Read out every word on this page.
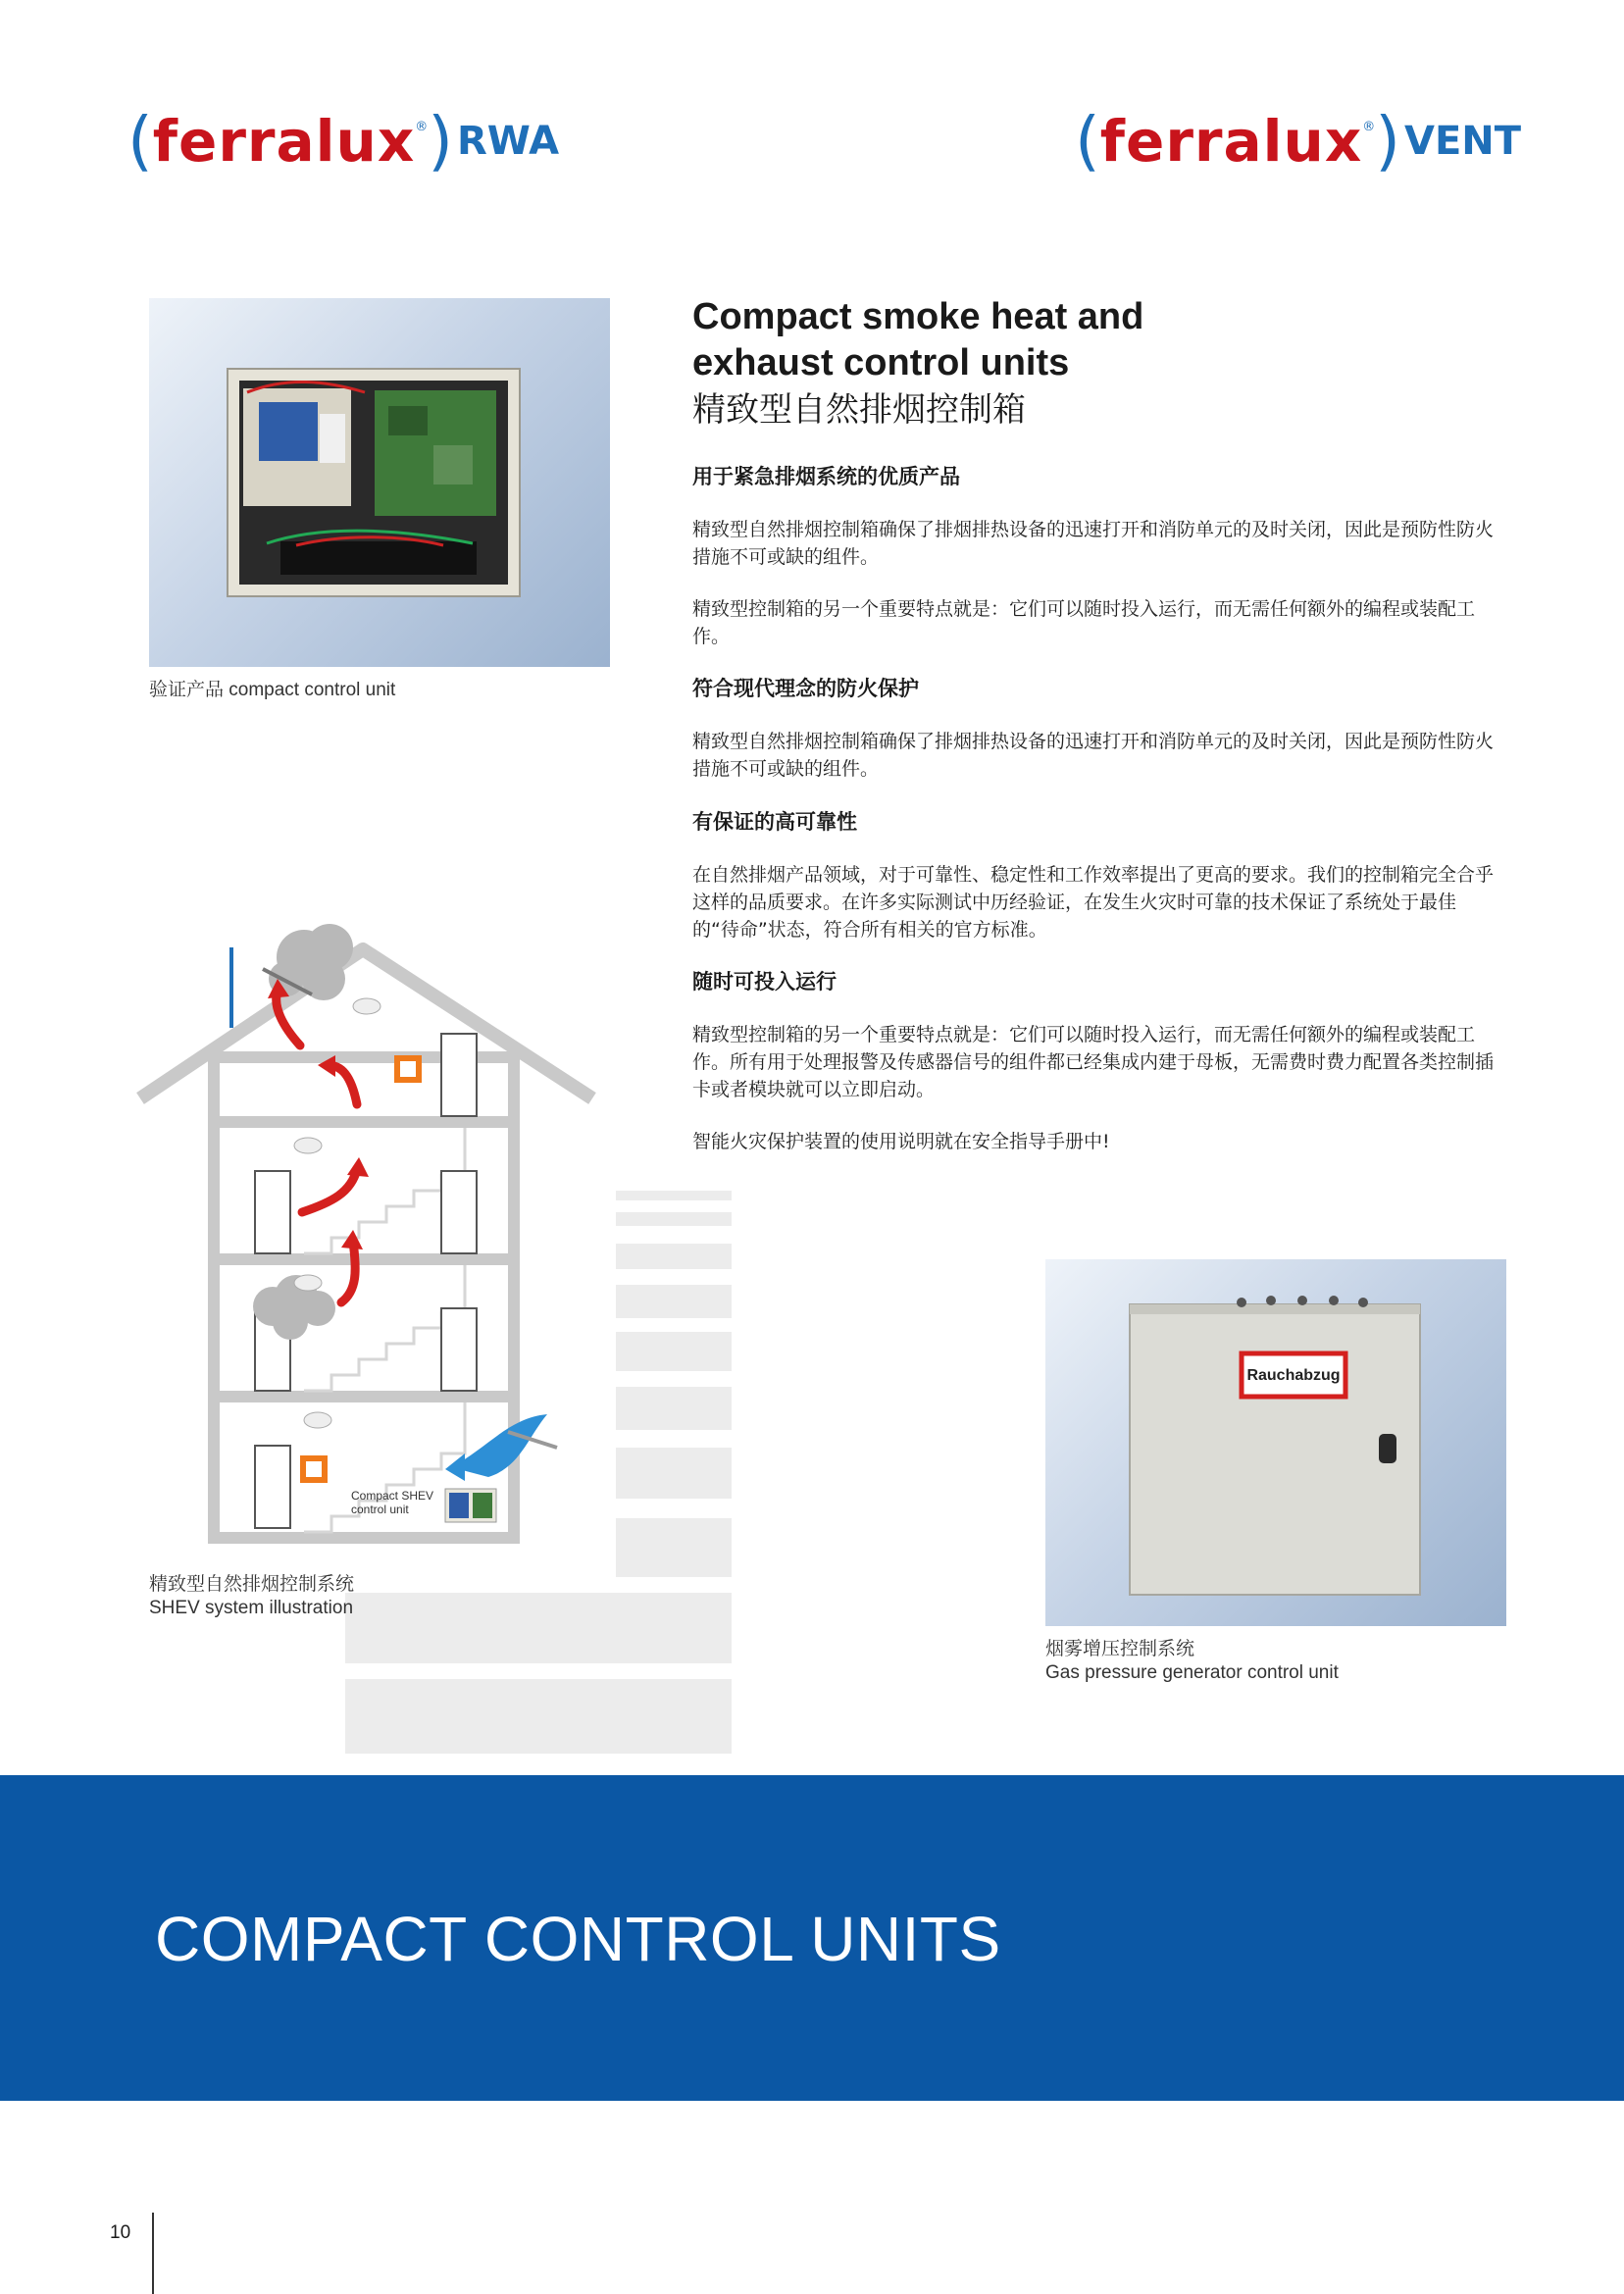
( ferralux ® ) RWA	( ferralux ® ) VENT
验证产品 compact control unit
Compact smoke heat and exhaust control units
精致型自然排烟控制箱
用于紧急排烟系统的优质产品
精致型自然排烟控制箱确保了排烟排热设备的迅速打开和消防单元的及时关闭，因此是预防性防火措施不可或缺的组件。
精致型控制箱的另一个重要特点就是：它们可以随时投入运行，而无需任何额外的编程或装配工作。
符合现代理念的防火保护
精致型自然排烟控制箱确保了排烟排热设备的迅速打开和消防单元的及时关闭，因此是预防性防火措施不可或缺的组件。
有保证的高可靠性
在自然排烟产品领域，对于可靠性、稳定性和工作效率提出了更高的要求。我们的控制箱完全合乎这样的品质要求。在许多实际测试中历经验证，在发生火灾时可靠的技术保证了系统处于最佳的“待命”状态，符合所有相关的官方标准。
随时可投入运行
精致型控制箱的另一个重要特点就是：它们可以随时投入运行，而无需任何额外的编程或装配工作。所有用于处理报警及传感器信号的组件都已经集成内建于母板，无需费时费力配置各类控制插卡或者模块就可以立即启动。
智能火灾保护装置的使用说明就在安全指导手册中!
Compact SHEV control unit
精致型自然排烟控制系统
SHEV system illustration
Rauchabzug
烟雾增压控制系统
Gas pressure generator control unit
COMPACT CONTROL UNITS
10
